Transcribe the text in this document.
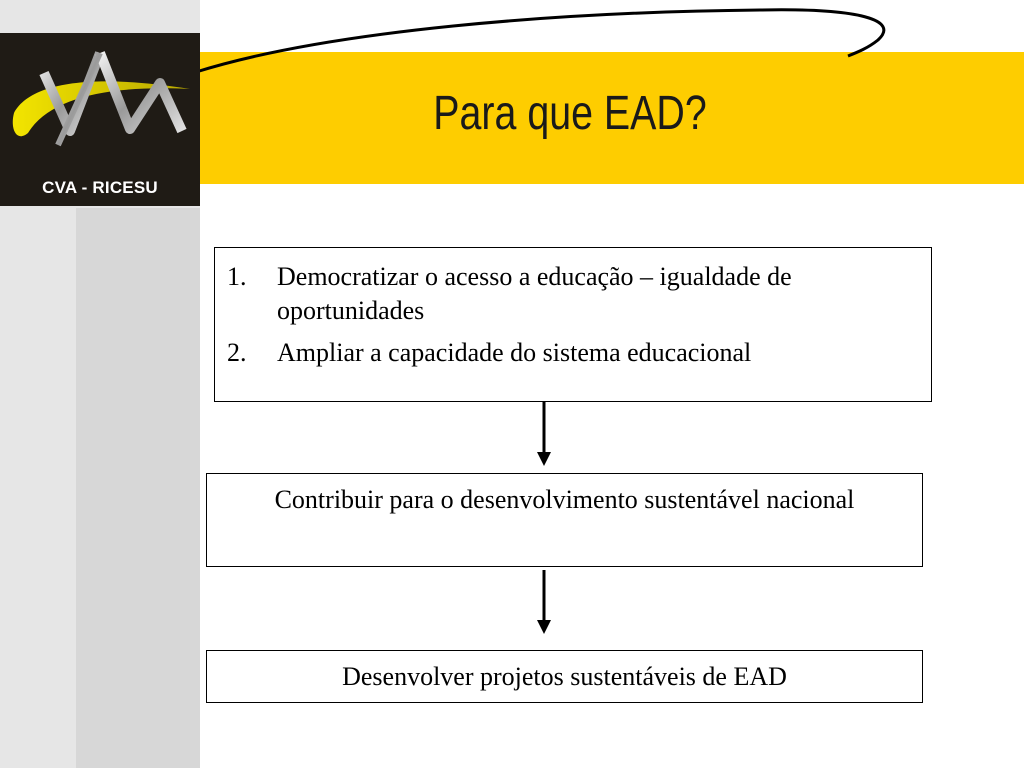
CVA - RICESU
Para que EAD?
1.	Democratizar o acesso a educação – igualdade de oportunidades
2.	Ampliar a capacidade do sistema educacional
Contribuir para o desenvolvimento sustentável nacional
Desenvolver projetos sustentáveis de EAD
